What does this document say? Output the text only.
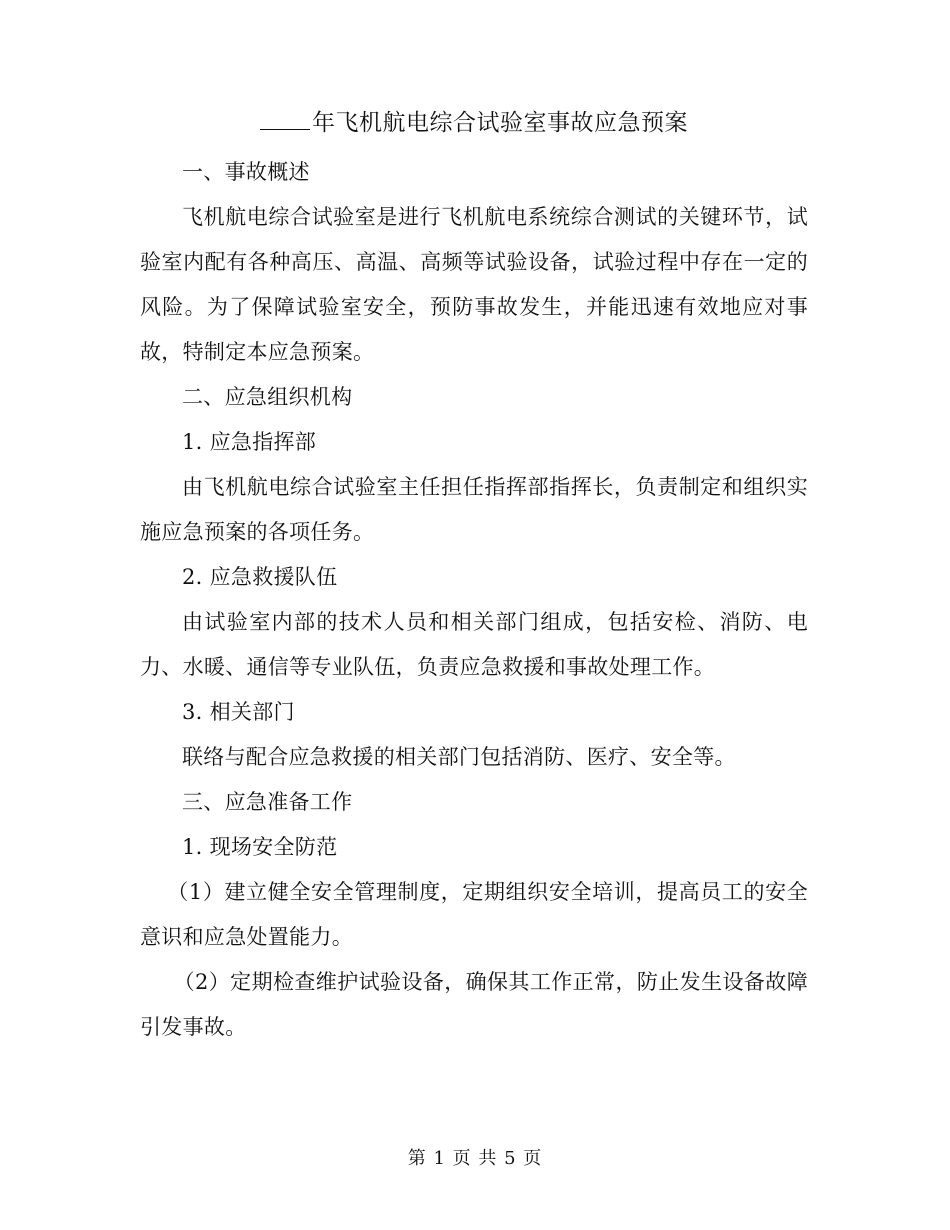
年飞机航电综合试验室事故应急预案

一、事故概述

飞机航电综合试验室是进行飞机航电系统综合测试的关键环节，试验室内配有各种高压、高温、高频等试验设备，试验过程中存在一定的风险。为了保障试验室安全，预防事故发生，并能迅速有效地应对事故，特制定本应急预案。

二、应急组织机构

1. 应急指挥部

由飞机航电综合试验室主任担任指挥部指挥长，负责制定和组织实施应急预案的各项任务。

2. 应急救援队伍

由试验室内部的技术人员和相关部门组成，包括安检、消防、电力、水暖、通信等专业队伍，负责应急救援和事故处理工作。

3. 相关部门

联络与配合应急救援的相关部门包括消防、医疗、安全等。

三、应急准备工作

1. 现场安全防范

（1）建立健全安全管理制度，定期组织安全培训，提高员工的安全意识和应急处置能力。

（2）定期检查维护试验设备，确保其工作正常，防止发生设备故障引发事故。

第 1 页 共 5 页
